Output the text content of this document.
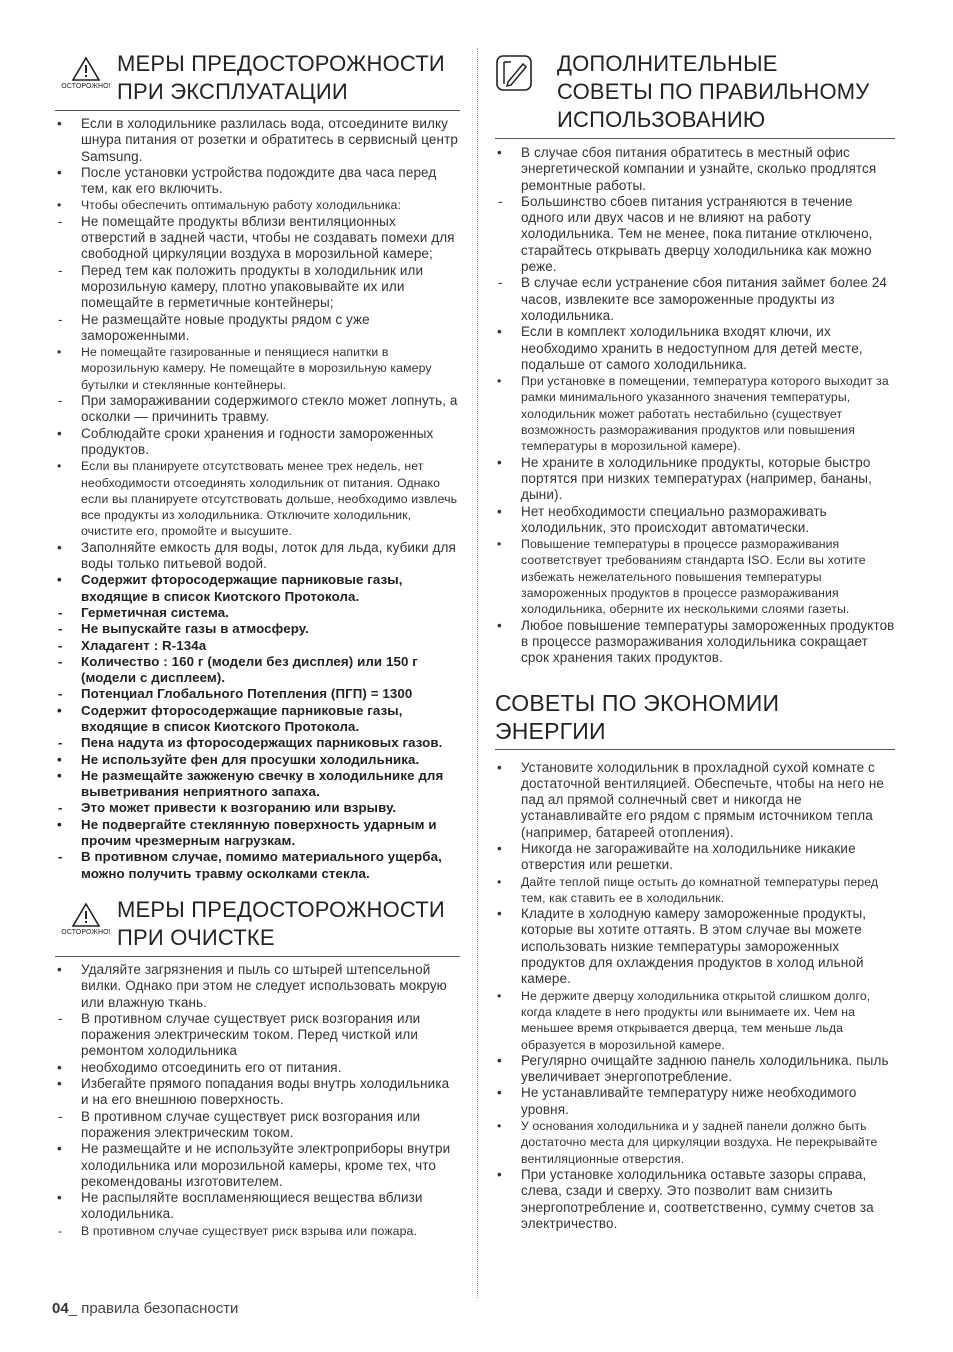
ОСТОРОЖНО!
МЕРЫ ПРЕДОСТОРОЖНОСТИ
ПРИ ЭКСПЛУАТАЦИИ
• Если в холодильнике разлилась вода, отсоедините вилку шнура питания от розетки и обратитесь в сервисный центр Samsung.
• После установки устройства подождите два часа перед тем, как его включить.
• Чтобы обеспечить оптимальную работу холодильника:
- Не помещайте продукты вблизи вентиляционных отверстий в задней части, чтобы не создавать помехи для свободной циркуляции воздуха в морозильной камере;
- Перед тем как положить продукты в холодильник или морозильную камеру, плотно упаковывайте их или помещайте в герметичные контейнеры;
- Не размещайте новые продукты рядом с уже замороженными.
• Не помещайте газированные и пенящиеся напитки в морозильную камеру. Не помещайте в морозильную камеру бутылки и стеклянные контейнеры.
- При замораживании содержимого стекло может лопнуть, а осколки — причинить травму.
• Соблюдайте сроки хранения и годности замороженных продуктов.
• Если вы планируете отсутствовать менее трех недель, нет необходимости отсоединять холодильник от питания. Однако если вы планируете отсутствовать дольше, необходимо извлечь все продукты из холодильника. Отключите холодильник, очистите его, промойте и высушите.
• Заполняйте емкость для воды, лоток для льда, кубики для воды только питьевой водой.
• Содержит фторосодержащие парниковые газы, входящие в список Киотского Протокола.
- Герметичная система.
- Не выпускайте газы в атмосферу.
- Хладагент : R-134a
- Количество : 160 г (модели без дисплея) или 150 г (модели с дисплеем).
- Потенциал Глобального Потепления (ПГП) = 1300
• Содержит фторосодержащие парниковые газы, входящие в список Киотского Протокола.
- Пена надута из фторосодержащих парниковых газов.
• Не используйте фен для просушки холодильника.
• Не размещайте зажженую свечку в холодильнике для выветривания неприятного запаха.
- Это может привести к возгоранию или взрыву.
• Не подвергайте стеклянную поверхность ударным и прочим чрезмерным нагрузкам.
- В противном случае, помимо материального ущерба, можно получить травму осколками стекла.
ОСТОРОЖНО!
МЕРЫ ПРЕДОСТОРОЖНОСТИ
ПРИ ОЧИСТКЕ
• Удаляйте загрязнения и пыль со штырей штепсельной вилки. Однако при этом не следует использовать мокрую или влажную ткань.
- В противном случае существует риск возгорания или поражения электрическим током. Перед чисткой или ремонтом холодильника
• необходимо отсоединить его от питания.
• Избегайте прямого попадания воды внутрь холодильника и на его внешнюю поверхность.
- В противном случае существует риск возгорания или поражения электрическим током.
• Не размещайте и не используйте электроприборы внутри холодильника или морозильной камеры, кроме тех, что рекомендованы изготовителем.
• Не распыляйте воспламеняющиеся вещества вблизи холодильника.
- В противном случае существует риск взрыва или пожара.
ДОПОЛНИТЕЛЬНЫЕ
СОВЕТЫ ПО ПРАВИЛЬНОМУ
ИСПОЛЬЗОВАНИЮ
• В случае сбоя питания обратитесь в местный офис энергетической компании и узнайте, сколько продлятся ремонтные работы.
- Большинство сбоев питания устраняются в течение одного или двух часов и не влияют на работу холодильника. Тем не менее, пока питание отключено, старайтесь открывать дверцу холодильника как можно реже.
- В случае если устранение сбоя питания займет более 24 часов, извлеките все замороженные продукты из холодильника.
• Если в комплект холодильника входят ключи, их необходимо хранить в недоступном для детей месте, подальше от самого холодильника.
• При установке в помещении, температура которого выходит за рамки минимального указанного значения температуры, холодильник может работать нестабильно (существует возможность размораживания продуктов или повышения температуры в морозильной камере).
• Не храните в холодильнике продукты, которые быстро портятся при низких температурах (например, бананы, дыни).
• Нет необходимости специально размораживать холодильник, это происходит автоматически.
• Повышение температуры в процессе размораживания соответствует требованиям стандарта ISO. Если вы хотите избежать нежелательного повышения температуры замороженных продуктов в процессе размораживания холодильника, оберните их несколькими слоями газеты.
• Любое повышение температуры замороженных продуктов в процессе размораживания холодильника сокращает срок хранения таких продуктов.
СОВЕТЫ ПО ЭКОНОМИИ ЭНЕРГИИ
• Установите холодильник в прохладной сухой комнате с достаточной вентиляцией. Обеспечьте, чтобы на него не пад ал прямой солнечный свет и никогда не устанавливайте его рядом с прямым источником тепла (например, батареей отопления).
• Никогда не загораживайте на холодильнике никакие отверстия или решетки.
• Дайте теплой пище остыть до комнатной температуры перед тем, как ставить ее в холодильник.
• Кладите в холодную камеру замороженные продукты, которые вы хотите оттаять. В этом случае вы можете использовать низкие температуры замороженных продуктов для охлаждения продуктов в холод ильной камере.
• Не держите дверцу холодильника открытой слишком долго, когда кладете в него продукты или вынимаете их. Чем на меньшее время открывается дверца, тем меньше льда образуется в морозильной камере.
• Регулярно очищайте заднюю панель холодильника. пыль увеличивает энергопотребление.
• Не устанавливайте температуру ниже необходимого уровня.
• У основания холодильника и у задней панели должно быть достаточно места для циркуляции воздуха. Не перекрывайте вентиляционные отверстия.
• При установке холодильника оставьте зазоры справа, слева, сзади и сверху. Это позволит вам снизить энергопотребление и, соответственно, сумму счетов за электричество.
04_ правила безопасности
